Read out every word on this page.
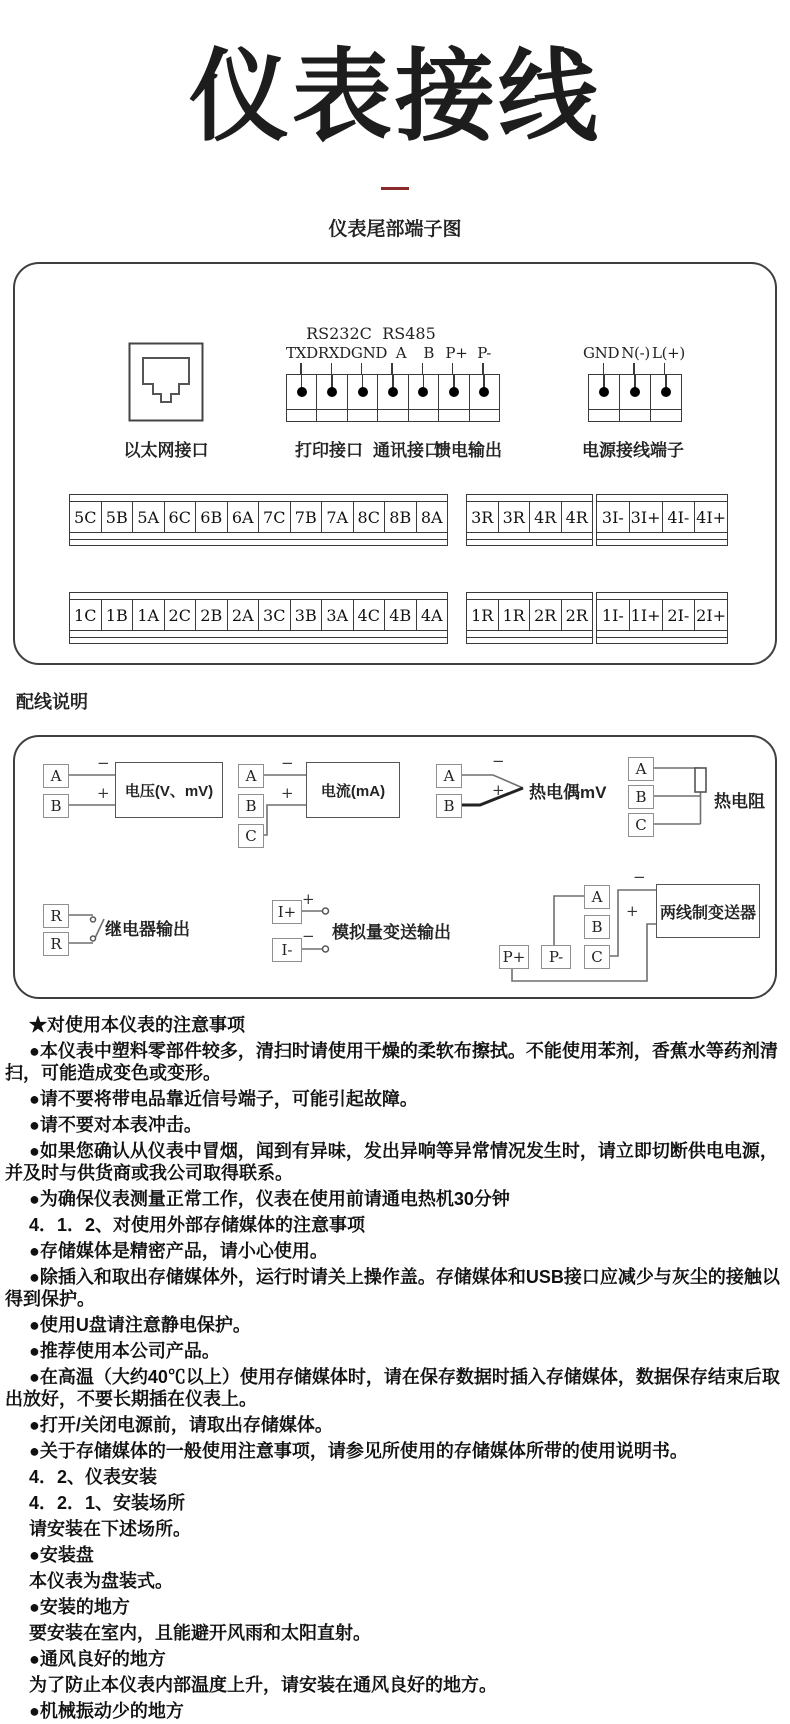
仪表接线
仪表尾部端子图
以太网接口
RS232C RS485
TXD RXD GND A	B P+ P-
打印接口 通讯接口
馈电输出
GND N(-) L(+)
电源接线端子
5C 5B 5A 6C 6B 6A 7C 7B 7A 8C 8B 8A 3R 3R 4R 4R 3I- 3I+ 4I- 4I+
1C 1B 1A 2C 2B 2A 3C 3B 3A 4C 4B 4A 1R 1R 2R 2R 1I- 1I+ 2I- 2I+
配线说明
A
B
−
+	电压(V、mV)
A
B
C
−
+	电流(mA)
A
B
−
+ 热电偶mV
A
B
C
热电阻
R
R
继电器输出
I+
I-
+
− 模拟量变送输出
A
B
C
P+	P-
−
+ 两线制变送器

★对使用本仪表的注意事项

●本仪表中塑料零部件较多，清扫时请使用干燥的柔软布擦拭。不能使用苯剂，香蕉水等药剂清扫，可能造成变色或变形。

●请不要将带电品靠近信号端子，可能引起故障。

●请不要对本表冲击。

●如果您确认从仪表中冒烟，闻到有异味，发出异响等异常情况发生时，请立即切断供电电源，并及时与供货商或我公司取得联系。

●为确保仪表测量正常工作，仪表在使用前请通电热机30分钟

4．1．2、对使用外部存储媒体的注意事项

●存储媒体是精密产品，请小心使用。

●除插入和取出存储媒体外，运行时请关上操作盖。存储媒体和USB接口应减少与灰尘的接触以得到保护。

●使用U盘请注意静电保护。

●推荐使用本公司产品。

●在高温（大约40℃以上）使用存储媒体时，请在保存数据时插入存储媒体，数据保存结束后取出放好，不要长期插在仪表上。

●打开/关闭电源前，请取出存储媒体。

●关于存储媒体的一般使用注意事项，请参见所使用的存储媒体所带的使用说明书。

4．2、仪表安装

4．2．1、安装场所

请安装在下述场所。

●安装盘

本仪表为盘装式。

●安装的地方

要安装在室内，且能避开风雨和太阳直射。

●通风良好的地方

为了防止本仪表内部温度上升，请安装在通风良好的地方。

●机械振动少的地方
